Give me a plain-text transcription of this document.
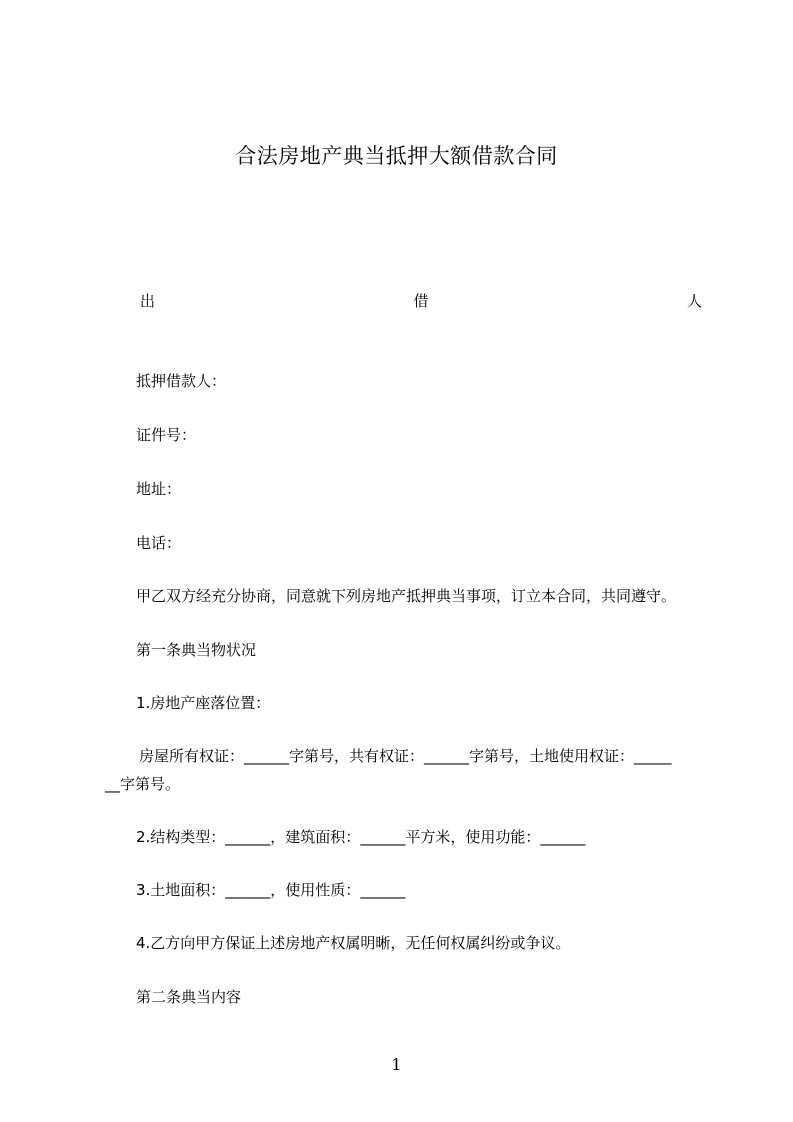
合法房地产典当抵押大额借款合同
出	借	人
抵押借款人：
证件号：
地址：
电话：
甲乙双方经充分协商，同意就下列房地产抵押典当事项，订立本合同，共同遵守。
第一条典当物状况
1.房地产座落位置：
房屋所有权证：______字第号，共有权证：______字第号，土地使用权证：_____
__字第号。
2.结构类型：______，建筑面积：______平方米，使用功能：______
3.土地面积：______，使用性质：______
4.乙方向甲方保证上述房地产权属明晰，无任何权属纠纷或争议。
第二条典当内容
1
